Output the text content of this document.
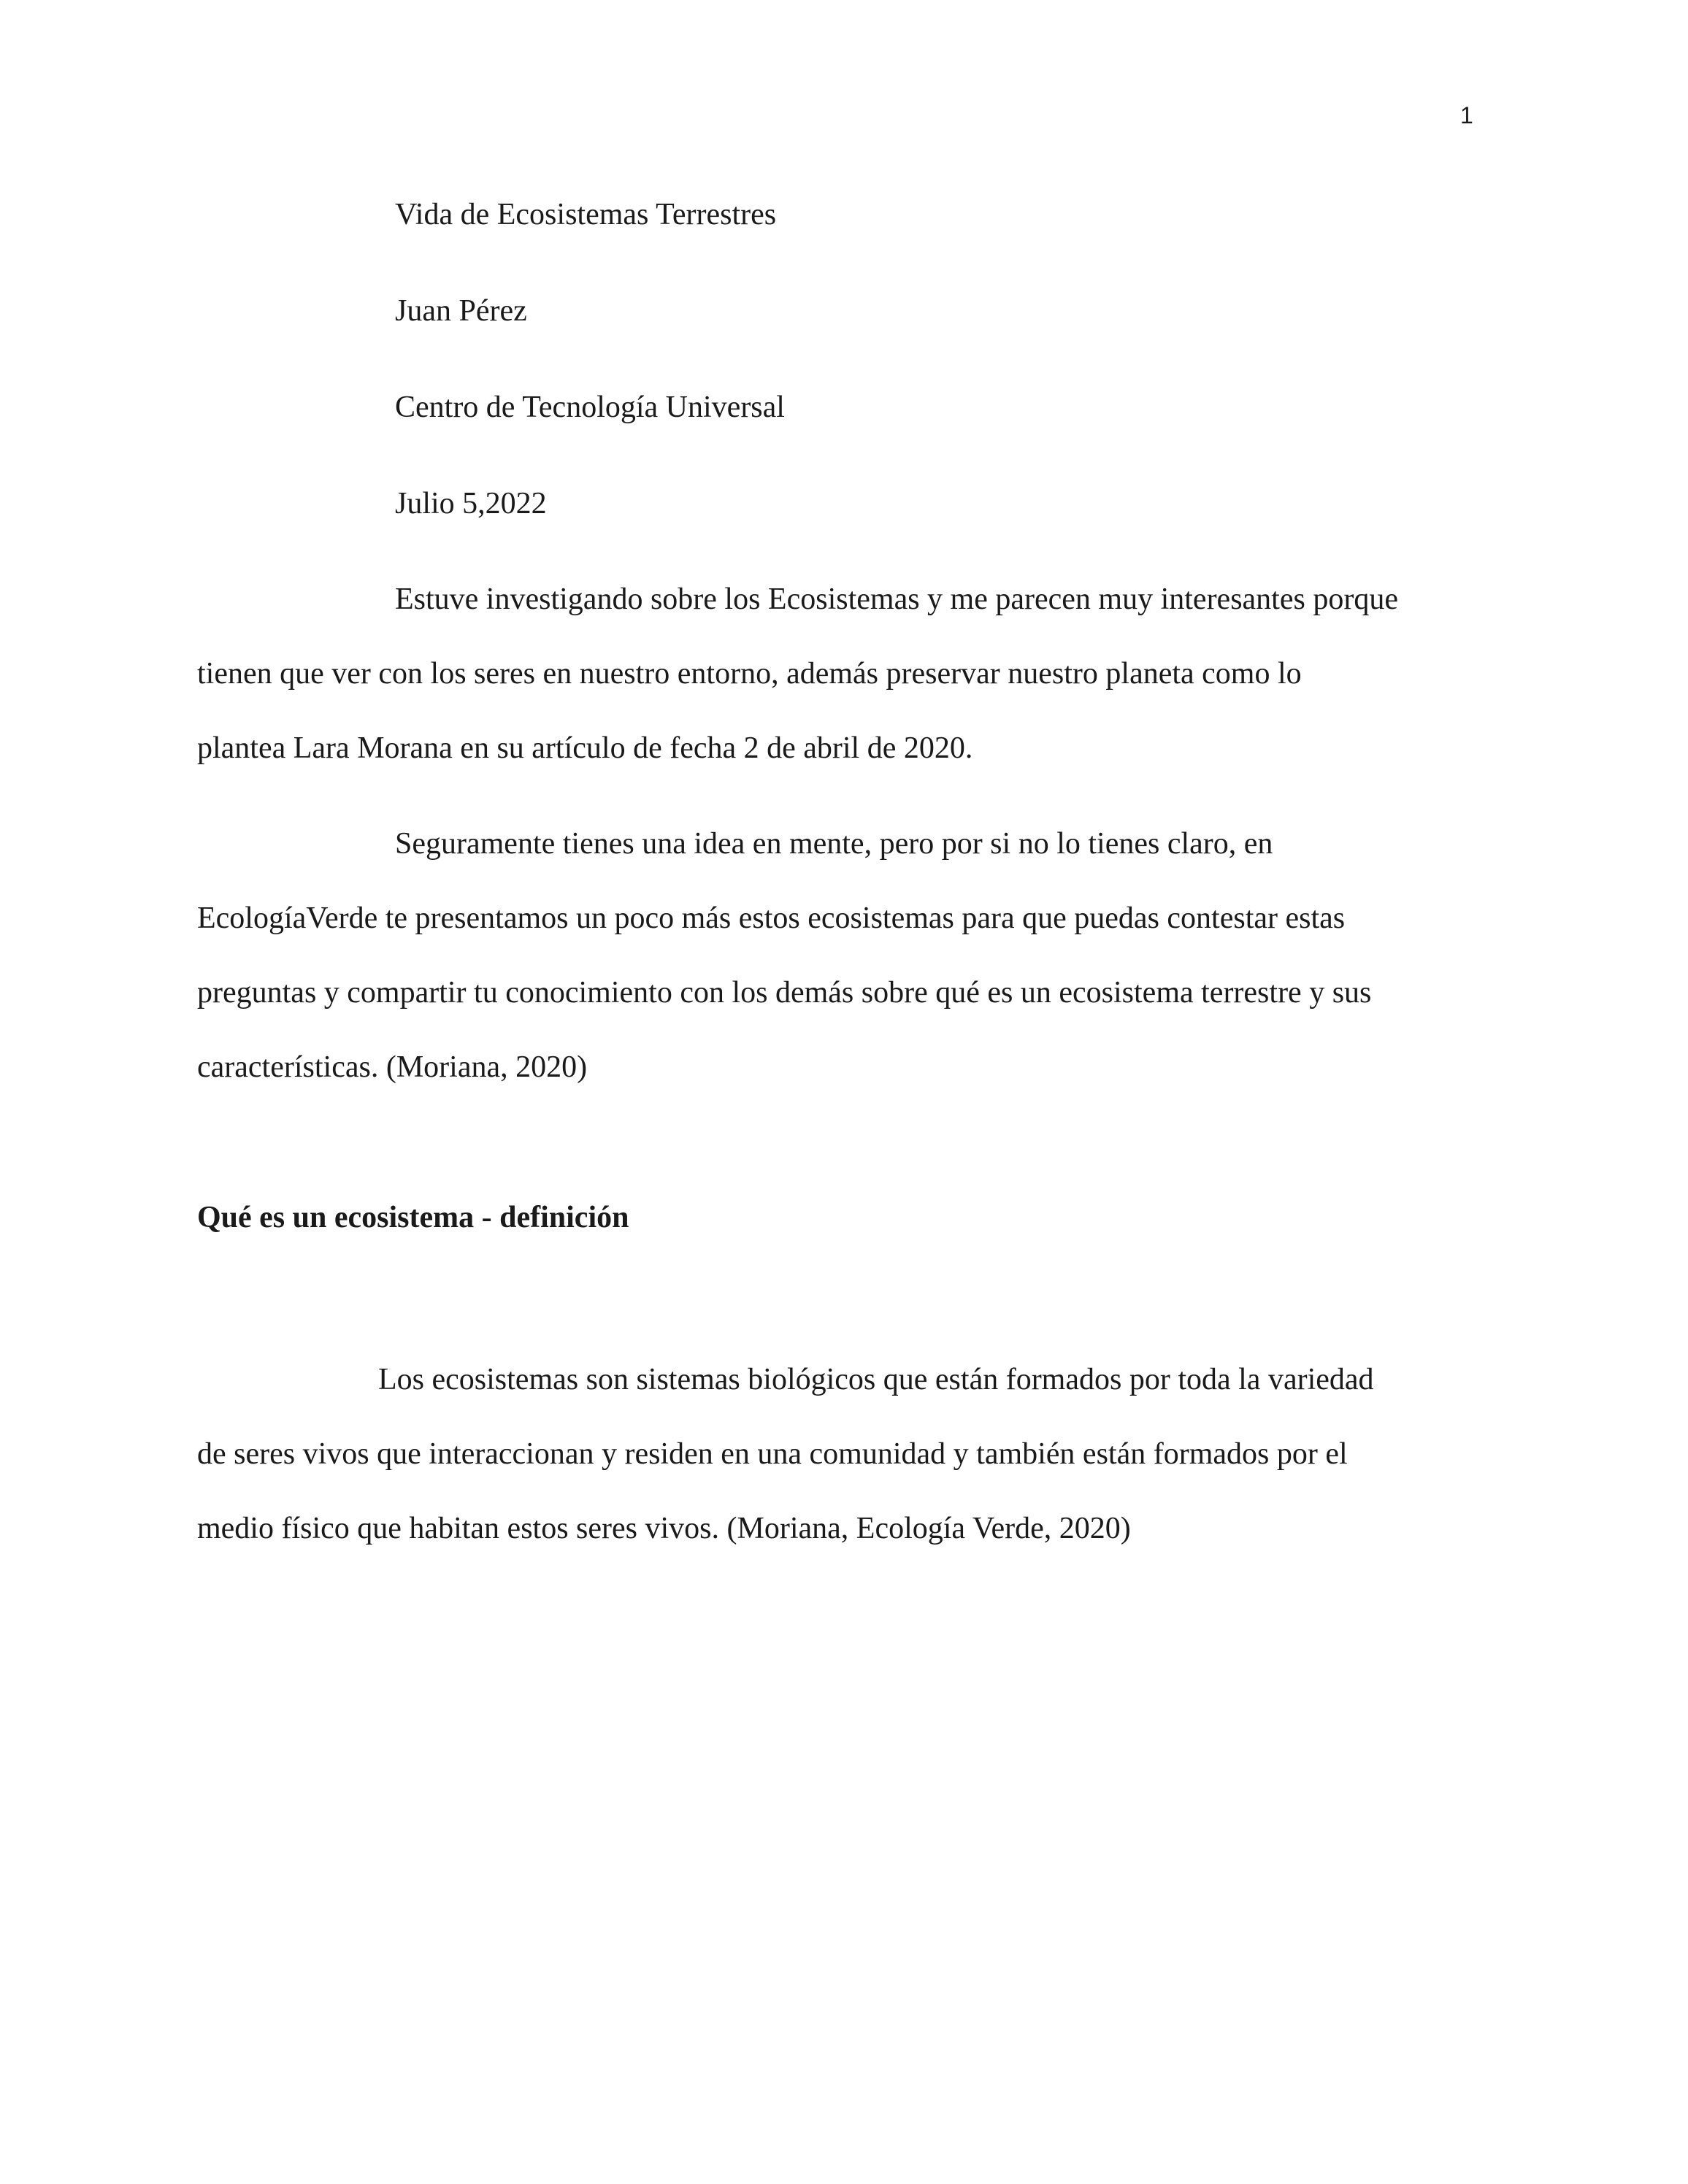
1
Vida de Ecosistemas Terrestres
Juan Pérez
Centro de Tecnología Universal
Julio 5,2022
Estuve investigando sobre los Ecosistemas y me parecen muy interesantes porque
tienen que ver con los seres en nuestro entorno, además preservar nuestro planeta como lo
plantea Lara Morana en su artículo de fecha 2 de abril de 2020.
Seguramente tienes una idea en mente, pero por si no lo tienes claro, en
EcologíaVerde te presentamos un poco más estos ecosistemas para que puedas contestar estas
preguntas y compartir tu conocimiento con los demás sobre qué es un ecosistema terrestre y sus
características. (Moriana, 2020)
Qué es un ecosistema - definición
Los ecosistemas son sistemas biológicos que están formados por toda la variedad
de seres vivos que interaccionan y residen en una comunidad y también están formados por el
medio físico que habitan estos seres vivos. (Moriana, Ecología Verde, 2020)
